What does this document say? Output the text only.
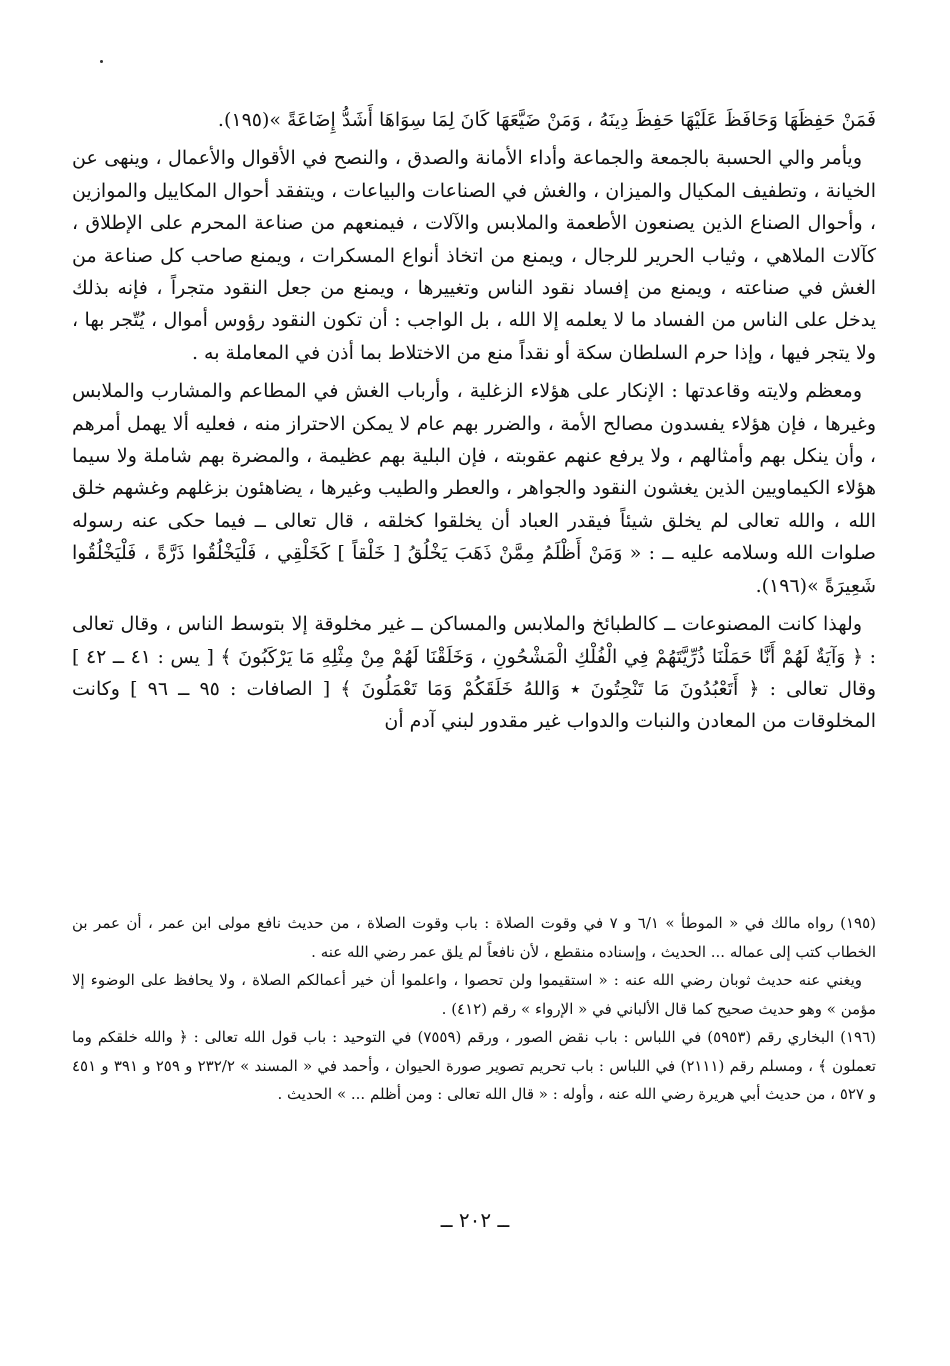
فَمَنْ حَفِظَهَا وَحَافَظَ عَلَيْهَا حَفِظَ دِينَهُ ، وَمَنْ ضَيَّعَهَا كَانَ لِمَا سِوَاهَا أَشَدُّ إِضَاعَةً »(١٩٥).

ويأمر والي الحسبة بالجمعة والجماعة وأداء الأمانة والصدق ، والنصح في الأقوال والأعمال ، وينهى عن الخيانة ، وتطفيف المكيال والميزان ، والغش في الصناعات والبياعات ، ويتفقد أحوال المكاييل والموازين ، وأحوال الصناع الذين يصنعون الأطعمة والملابس والآلات ، فيمنعهم من صناعة المحرم على الإطلاق ، كآلات الملاهي ، وثياب الحرير للرجال ، ويمنع من اتخاذ أنواع المسكرات ، ويمنع صاحب كل صناعة من الغش في صناعته ، ويمنع من إفساد نقود الناس وتغييرها ، ويمنع من جعل النقود متجراً ، فإنه بذلك يدخل على الناس من الفساد ما لا يعلمه إلا الله ، بل الواجب : أن تكون النقود رؤوس أموال ، يُتّجر بها ، ولا يتجر فيها ، وإذا حرم السلطان سكة أو نقداً منع من الاختلاط بما أذن في المعاملة به .

ومعظم ولايته وقاعدتها : الإنكار على هؤلاء الزغلية ، وأرباب الغش في المطاعم والمشارب والملابس وغيرها ، فإن هؤلاء يفسدون مصالح الأمة ، والضرر بهم عام لا يمكن الاحتراز منه ، فعليه ألا يهمل أمرهم ، وأن ينكل بهم وأمثالهم ، ولا يرفع عنهم عقوبته ، فإن البلية بهم عظيمة ، والمضرة بهم شاملة ولا سيما هؤلاء الكيماويين الذين يغشون النقود والجواهر ، والعطر والطيب وغيرها ، يضاهئون بزغلهم وغشهم خلق الله ، والله تعالى لم يخلق شيئاً فيقدر العباد أن يخلقوا كخلقه ، قال تعالى ــ فيما حكى عنه رسوله صلوات الله وسلامه عليه ــ : « وَمَنْ أَظْلَمُ مِمَّنْ ذَهَبَ يَخْلُقُ [ خَلْقاً ] كَخَلْقِي ، فَلْيَخْلُقُوا ذَرَّةً ، فَلْيَخْلُقُوا شَعِيرَةً »(١٩٦).

ولهذا كانت المصنوعات ــ كالطبائخ والملابس والمساكن ــ غير مخلوقة إلا بتوسط الناس ، وقال تعالى : ﴿ وَآيَةٌ لَهُمْ أَنَّا حَمَلْنَا ذُرِّيَّتَهُمْ فِي الْفُلْكِ الْمَشْحُونِ ، وَخَلَقْنَا لَهُمْ مِنْ مِثْلِهِ مَا يَرْكَبُونَ ﴾ [ يس : ٤١ ــ ٤٢ ] وقال تعالى : ﴿ أَتَعْبُدُونَ مَا تَنْحِتُونَ ٭ وَاللهُ خَلَقَكُمْ وَمَا تَعْمَلُونَ ﴾ [ الصافات : ٩٥ ــ ٩٦ ] وكانت المخلوقات من المعادن والنبات والدواب غير مقدور لبني آدم أن

(١٩٥) رواه مالك في « الموطأ » ٦/١ و ٧ في وقوت الصلاة : باب وقوت الصلاة ، من حديث نافع مولى ابن عمر ، أن عمر بن الخطاب كتب إلى عماله ... الحديث ، وإسناده منقطع ، لأن نافعاً لم يلق عمر رضي الله عنه .

ويغني عنه حديث ثوبان رضي الله عنه : « استقيموا ولن تحصوا ، واعلموا أن خير أعمالكم الصلاة ، ولا يحافظ على الوضوء إلا مؤمن » وهو حديث صحيح كما قال الألباني في « الإرواء » رقم (٤١٢) .

(١٩٦) البخاري رقم (٥٩٥٣) في اللباس : باب نقض الصور ، ورقم (٧٥٥٩) في التوحيد : باب قول الله تعالى : ﴿ والله خلقكم وما تعملون ﴾ ، ومسلم رقم (٢١١١) في اللباس : باب تحريم تصوير صورة الحيوان ، وأحمد في « المسند » ٢٣٢/٢ و ٢٥٩ و ٣٩١ و ٤٥١ و ٥٢٧ ، من حديث أبي هريرة رضي الله عنه ، وأوله : « قال الله تعالى : ومن أظلم ... » الحديث .

ــ ٢٠٢ ــ
